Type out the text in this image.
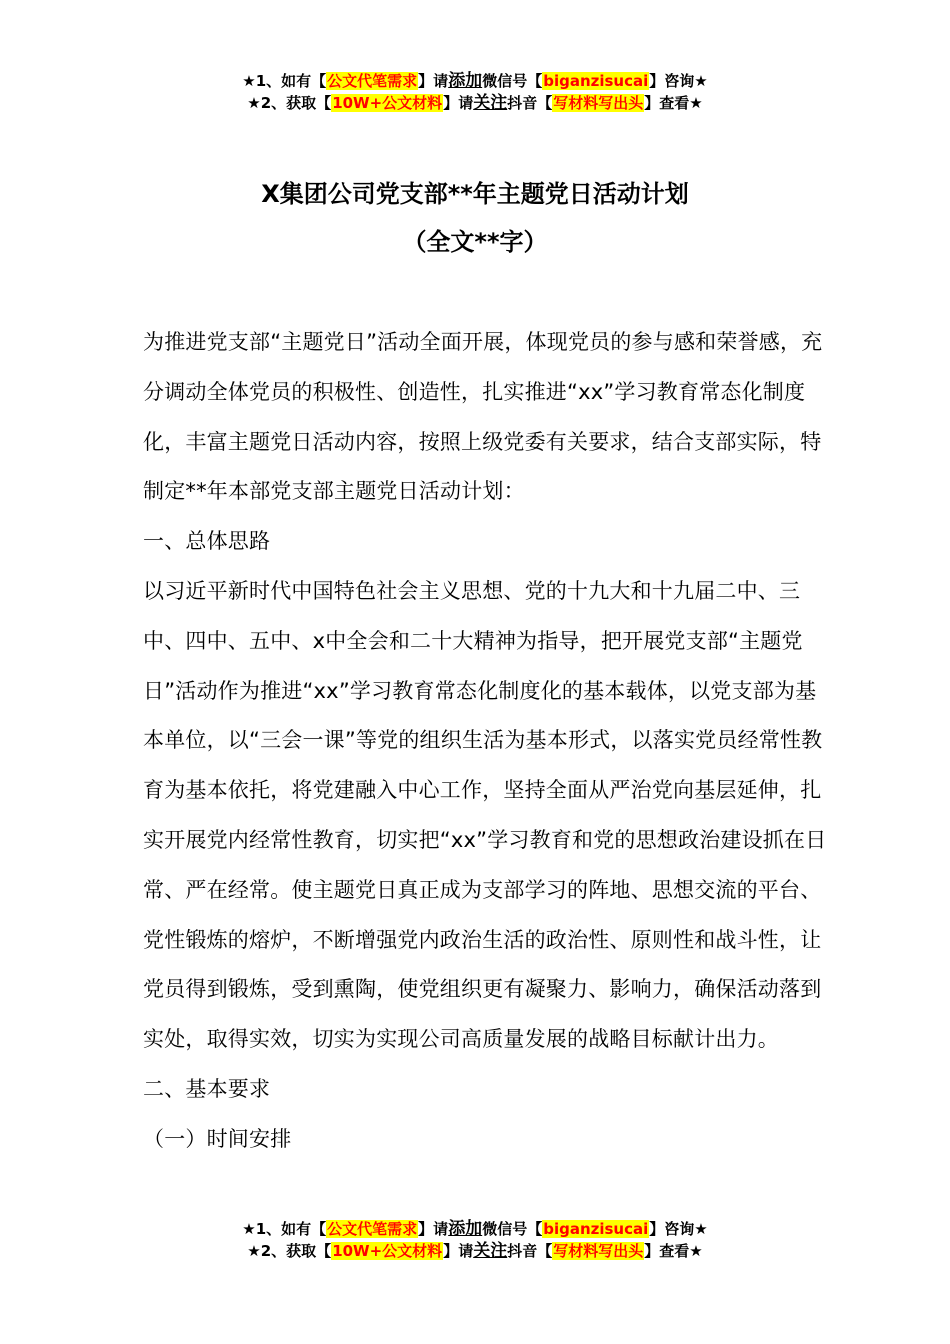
★1、如有【公文代笔需求】请添加微信号【biganzisucai】咨询★
★2、获取【10W+公文材料】请关注抖音【写材料写出头】查看★
X集团公司党支部**年主题党日活动计划
（全文**字）

为推进党支部“主题党日”活动全面开展，体现党员的参与感和荣誉感，充分调动全体党员的积极性、创造性，扎实推进“xx”学习教育常态化制度化，丰富主题党日活动内容，按照上级党委有关要求，结合支部实际，特制定**年本部党支部主题党日活动计划：

一、总体思路

以习近平新时代中国特色社会主义思想、党的十九大和十九届二中、三中、四中、五中、x中全会和二十大精神为指导，把开展党支部“主题党日”活动作为推进“xx”学习教育常态化制度化的基本载体，以党支部为基本单位，以“三会一课”等党的组织生活为基本形式，以落实党员经常性教育为基本依托，将党建融入中心工作，坚持全面从严治党向基层延伸，扎实开展党内经常性教育，切实把“xx”学习教育和党的思想政治建设抓在日常、严在经常。使主题党日真正成为支部学习的阵地、思想交流的平台、党性锻炼的熔炉，不断增强党内政治生活的政治性、原则性和战斗性，让党员得到锻炼，受到熏陶，使党组织更有凝聚力、影响力，确保活动落到实处，取得实效，切实为实现公司高质量发展的战略目标献计出力。

二、基本要求

（一）时间安排

★1、如有【公文代笔需求】请添加微信号【biganzisucai】咨询★
★2、获取【10W+公文材料】请关注抖音【写材料写出头】查看★
